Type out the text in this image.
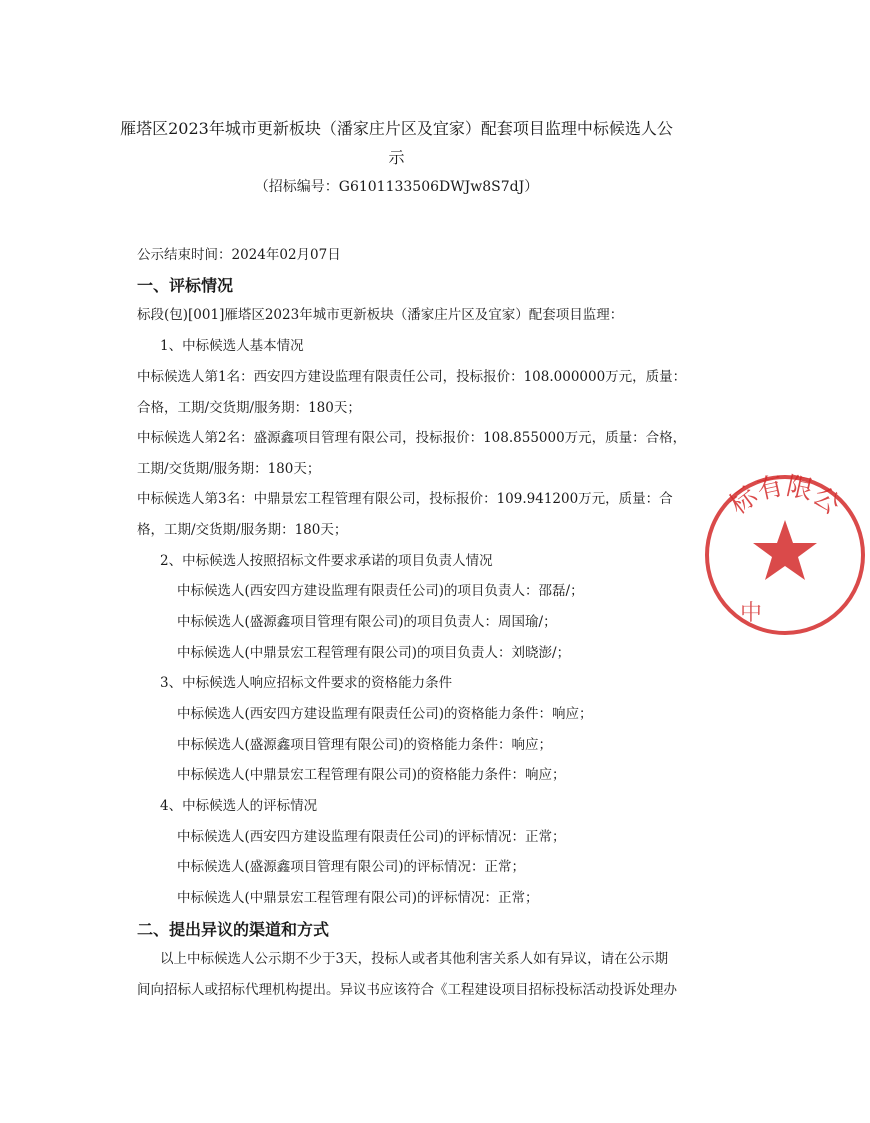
雁塔区2023年城市更新板块（潘家庄片区及宜家）配套项目监理中标候选人公
示
（招标编号：G6101133506DWJw8S7dJ）
公示结束时间：2024年02月07日
一、评标情况
标段(包)[001]雁塔区2023年城市更新板块（潘家庄片区及宜家）配套项目监理：
1、中标候选人基本情况
中标候选人第1名：西安四方建设监理有限责任公司，投标报价：108.000000万元，质量：
合格，工期/交货期/服务期：180天；
中标候选人第2名：盛源鑫项目管理有限公司，投标报价：108.855000万元，质量：合格，
工期/交货期/服务期：180天；
中标候选人第3名：中鼎景宏工程管理有限公司，投标报价：109.941200万元，质量：合
格，工期/交货期/服务期：180天；
2、中标候选人按照招标文件要求承诺的项目负责人情况
中标候选人(西安四方建设监理有限责任公司)的项目负责人：邵磊/；
中标候选人(盛源鑫项目管理有限公司)的项目负责人：周国瑜/；
中标候选人(中鼎景宏工程管理有限公司)的项目负责人：刘晓澎/；
3、中标候选人响应招标文件要求的资格能力条件
中标候选人(西安四方建设监理有限责任公司)的资格能力条件：响应；
中标候选人(盛源鑫项目管理有限公司)的资格能力条件：响应；
中标候选人(中鼎景宏工程管理有限公司)的资格能力条件：响应；
4、中标候选人的评标情况
中标候选人(西安四方建设监理有限责任公司)的评标情况：正常；
中标候选人(盛源鑫项目管理有限公司)的评标情况：正常；
中标候选人(中鼎景宏工程管理有限公司)的评标情况：正常；
二、提出异议的渠道和方式
以上中标候选人公示期不少于3天，投标人或者其他利害关系人如有异议，请在公示期
间向招标人或招标代理机构提出。异议书应该符合《工程建设项目招标投标活动投诉处理办
标有限公
中
